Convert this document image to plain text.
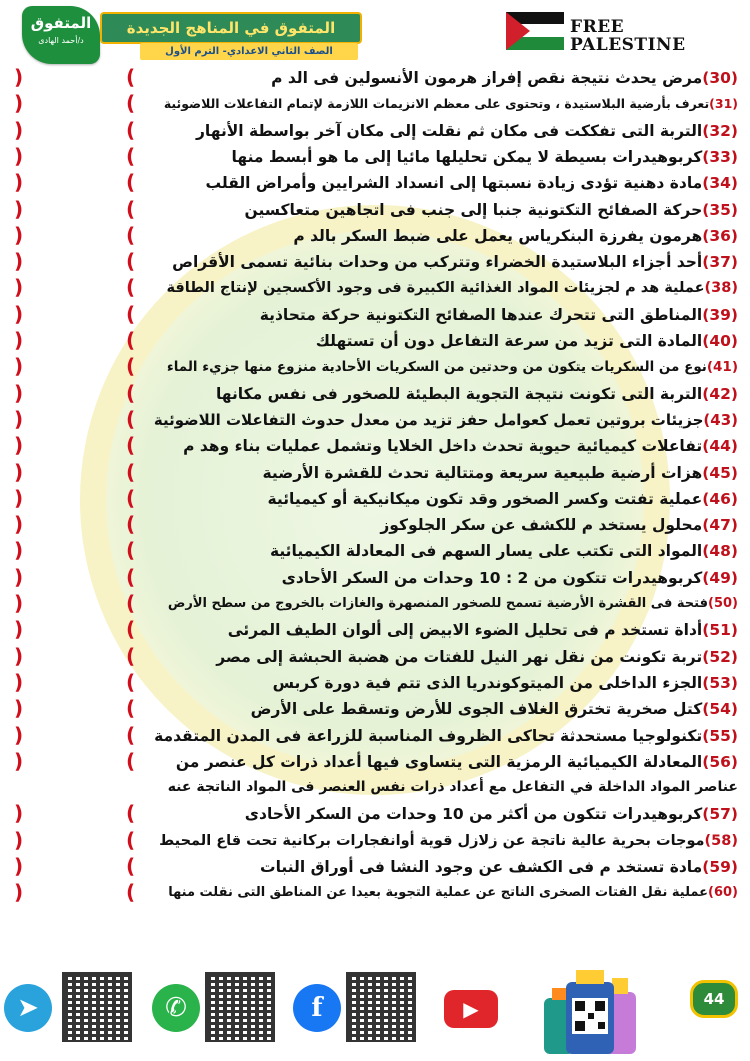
المتفوق
د/أحمد الهادى
المتفوق في المناهج الجديدة
الصف الثاني الاعدادي- الترم الأول
FREE PALESTINE
)	(	(30)مرض يحدث نتيجة نقص إفراز هرمون الأنسولين فى الد م
)	(	(31)تعرف بأرضية البلاستيدة ، وتحتوى على معظم الانزيمات اللازمة لإتمام التفاعلات اللاضوئية
)	(	(32)التربة التى تفككت فى مكان ثم نقلت إلى مكان آخر بواسطة الأنهار
)	(	(33)كربوهيدرات بسيطة لا يمكن تحليلها مائيا إلى ما هو أبسط منها
)	(	(34)مادة دهنية تؤدى زيادة نسبتها إلى انسداد الشرايين وأمراض القلب
)	(	(35)حركة الصفائح التكتونية جنبا إلى جنب فى اتجاهين متعاكسين
)	(	(36)هرمون يفرزة البنكرياس يعمل على ضبط السكر بالد م
)	(	(37)أحد أجزاء البلاستيدة الخضراء وتتركب من وحدات بنائية تسمى الأقراص
)	(	(38)عملية هد م لجزيئات المواد الغذائية الكبيرة فى وجود الأكسجين لإنتاج الطاقة
)	(	(39)المناطق التى تتحرك عندها الصفائح التكتونية حركة متحاذية
)	(	(40)المادة التى تزيد من سرعة التفاعل دون أن تستهلك
)	(	(41)نوع من السكريات يتكون من وحدتين من السكريات الأحادية منزوع منها جزيء الماء
)	(	(42)التربة التى تكونت نتيجة التجوية البطيئة للصخور فى نفس مكانها
)	(	(43)جزيئات بروتين تعمل كعوامل حفز تزيد من معدل حدوث التفاعلات اللاضوئية
)	(	(44)تفاعلات كيميائية حيوية تحدث داخل الخلايا وتشمل عمليات بناء وهد م
)	(	(45)هزات أرضية طبيعية سريعة ومتتالية تحدث للقشرة الأرضية
)	(	(46)عملية تفتت وكسر الصخور وقد تكون ميكانيكية أو كيميائية
)	(	(47)محلول يستخد م للكشف عن سكر الجلوكوز
)	(	(48)المواد التى تكتب على يسار السهم فى المعادلة الكيميائية
)	(	(49)كربوهيدرات تتكون من 2 : 10 وحدات من السكر الأحادى
)	(	(50)فتحة فى القشرة الأرضية تسمح للصخور المنصهرة والغازات بالخروج من سطح الأرض
)	(	(51)أداة تستخد م فى تحليل الضوء الابيض إلى ألوان الطيف المرئى
)	(	(52)تربة تكونت من نقل نهر النيل للفتات من هضبة الحبشة إلى مصر
)	(	(53)الجزء الداخلى من الميتوكوندريا الذى تتم فية دورة كربس
)	(	(54)كتل صخرية تخترق الغلاف الجوى للأرض وتسقط على الأرض
)	(	(55)تكنولوجيا مستحدثة تحاكى الظروف المناسبة للزراعة فى المدن المتقدمة
)	(	(56)المعادلة الكيميائية الرمزية التى يتساوى فيها أعداد ذرات كل عنصر من
عناصر المواد الداخلة في التفاعل مع أعداد ذرات نفس العنصر فى المواد الناتجة عنه
)	(	(57)كربوهيدرات تتكون من أكثر من 10 وحدات من السكر الأحادى
)	(	(58)موجات بحرية عالية ناتجة عن زلازل قوية أوانفجارات بركانية تحت قاع المحيط
)	(	(59)مادة تستخد م فى الكشف عن وجود النشا فى أوراق النبات
)	(	(60)عملية نقل الفتات الصخرى الناتج عن عملية التجوية بعيدا عن المناطق التى نقلت منها
➤	✆	f	▶	44
